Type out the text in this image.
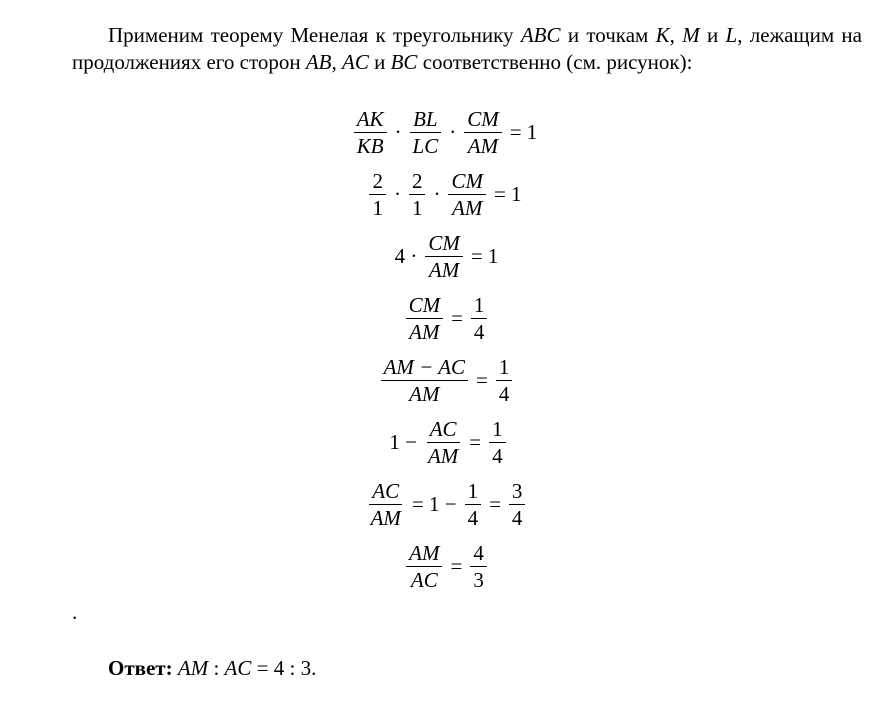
Применим теорему Менелая к треугольнику ABC и точкам K, M и L, лежащим на продолжениях его сторон AB, AC и BC соответственно (см. рисунок):

$\frac{AK}{KB} \cdot \frac{BL}{LC} \cdot \frac{CM}{AM} = 1$
$\frac{2}{1} \cdot \frac{2}{1} \cdot \frac{CM}{AM} = 1$
$4 \cdot \frac{CM}{AM} = 1$
$\frac{CM}{AM} = \frac{1}{4}$
$\frac{AM - AC}{AM} = \frac{1}{4}$
$1 - \frac{AC}{AM} = \frac{1}{4}$
$\frac{AC}{AM} = 1 - \frac{1}{4} = \frac{3}{4}$
$\frac{AM}{AC} = \frac{4}{3}$
.
Ответ: AM : AC = 4 : 3.
